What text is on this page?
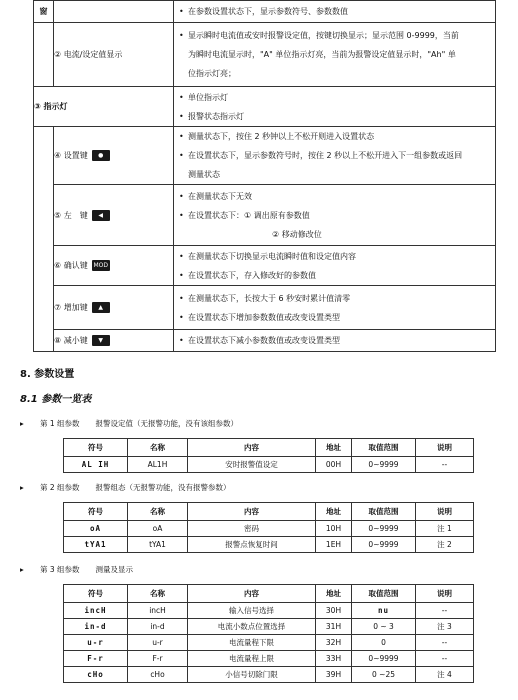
窗		• 在参数设置状态下，显示参数符号、参数数值

	② 电流/设定值显示	• 显示瞬时电流值或安时报警设定值，按键切换显示；显示范围 0-9999，当前
为瞬时电流显示时，"A" 单位指示灯亮，当前为报警设定值显示时，"Ah" 单
位指示灯亮；

③ 指示灯		• 单位指示灯
• 报警状态指示灯

	④ 设置键 ●	• 测量状态下，按住 2 秒钟以上不松开则进入设置状态
• 在设置状态下，显示参数符号时，按住 2 秒以上不松开进入下一组参数或返回
测量状态

	⑤ 左　键 ◀	• 在测量状态下无效
• 在设置状态下：① 调出原有参数值
② 移动修改位

	⑥ 确认键 MOD	• 在测量状态下切换显示电流瞬时值和设定值内容
• 在设置状态下，存入修改好的参数值

	⑦ 增加键 ▲	• 在测量状态下，长按大于 6 秒安时累计值清零
• 在设置状态下增加参数数值或改变设置类型

	⑧ 减小键 ▼	• 在设置状态下减小参数数值或改变设置类型
8. 参数设置
8.1 参数一览表
▸ 第 1 组参数 报警设定值（无报警功能，没有该组参数）
符号	名称	内容	地址	取值范围	说明
AL IH	AL1H	安时报警值设定	00H	0~9999	--
▸ 第 2 组参数 报警组态（无报警功能，没有报警参数）
符号	名称	内容	地址	取值范围	说明
oA	oA	密码	10H	0~9999	注 1
tYA1	tYA1	报警点恢复时间	1EH	0~9999	注 2
▸ 第 3 组参数 测量及显示
符号	名称	内容	地址	取值范围	说明
incH	incH	输入信号选择	30H	nu	--
in-d	in-d	电流小数点位置选择	31H	0 ~ 3	注 3
u-r	u-r	电流量程下限	32H	0	--
F-r	F-r	电流量程上限	33H	0~9999	--
cHo	cHo	小信号切除门限	39H	0 ~25	注 4
